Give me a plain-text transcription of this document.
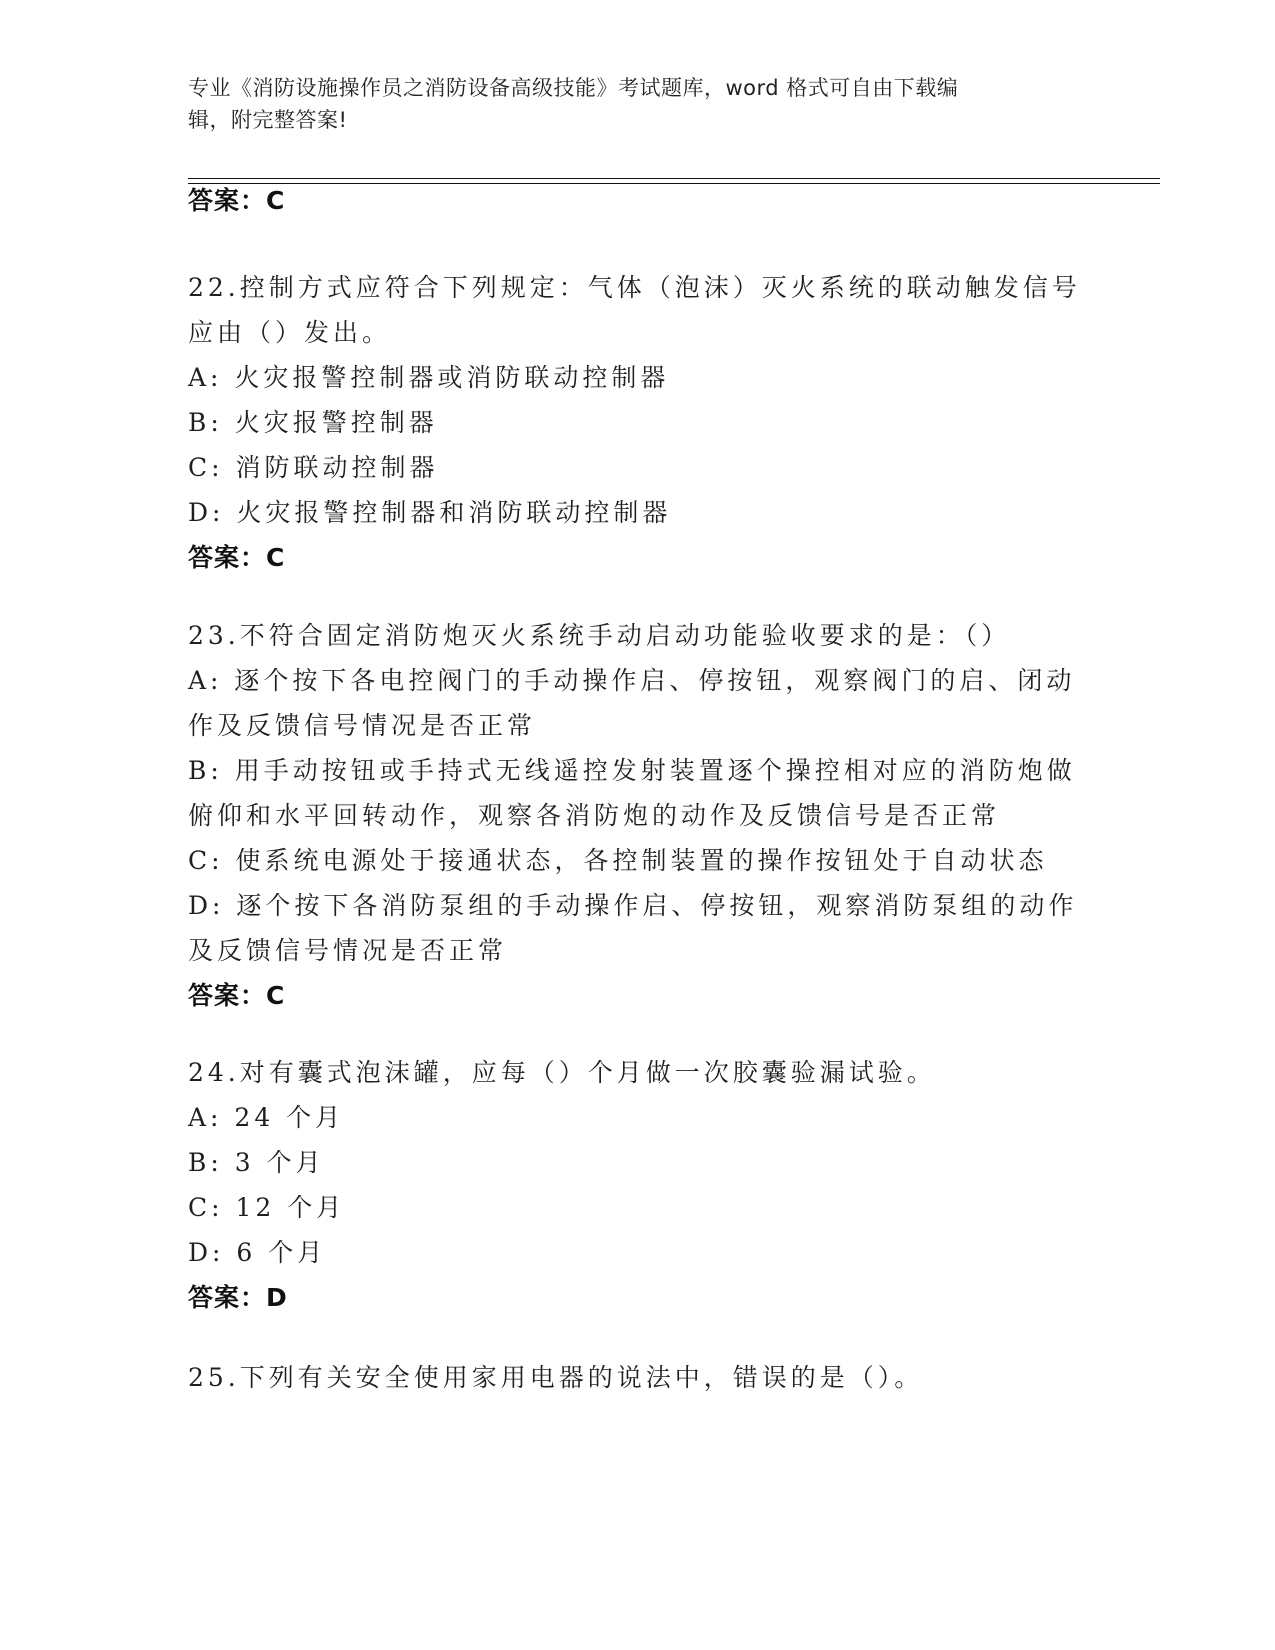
专业《消防设施操作员之消防设备高级技能》考试题库，word 格式可自由下载编
辑，附完整答案!
答案：C
22.控制方式应符合下列规定：气体（泡沫）灭火系统的联动触发信号
应由（）发出。
A: 火灾报警控制器或消防联动控制器
B: 火灾报警控制器
C: 消防联动控制器
D: 火灾报警控制器和消防联动控制器
答案：C
23.不符合固定消防炮灭火系统手动启动功能验收要求的是：（）
A: 逐个按下各电控阀门的手动操作启、停按钮，观察阀门的启、闭动
作及反馈信号情况是否正常
B: 用手动按钮或手持式无线遥控发射装置逐个操控相对应的消防炮做
俯仰和水平回转动作，观察各消防炮的动作及反馈信号是否正常
C: 使系统电源处于接通状态，各控制装置的操作按钮处于自动状态
D: 逐个按下各消防泵组的手动操作启、停按钮，观察消防泵组的动作
及反馈信号情况是否正常
答案：C
24.对有囊式泡沫罐，应每（）个月做一次胶囊验漏试验。
A: 24 个月
B: 3 个月
C: 12 个月
D: 6 个月
答案：D
25.下列有关安全使用家用电器的说法中，错误的是（）。
